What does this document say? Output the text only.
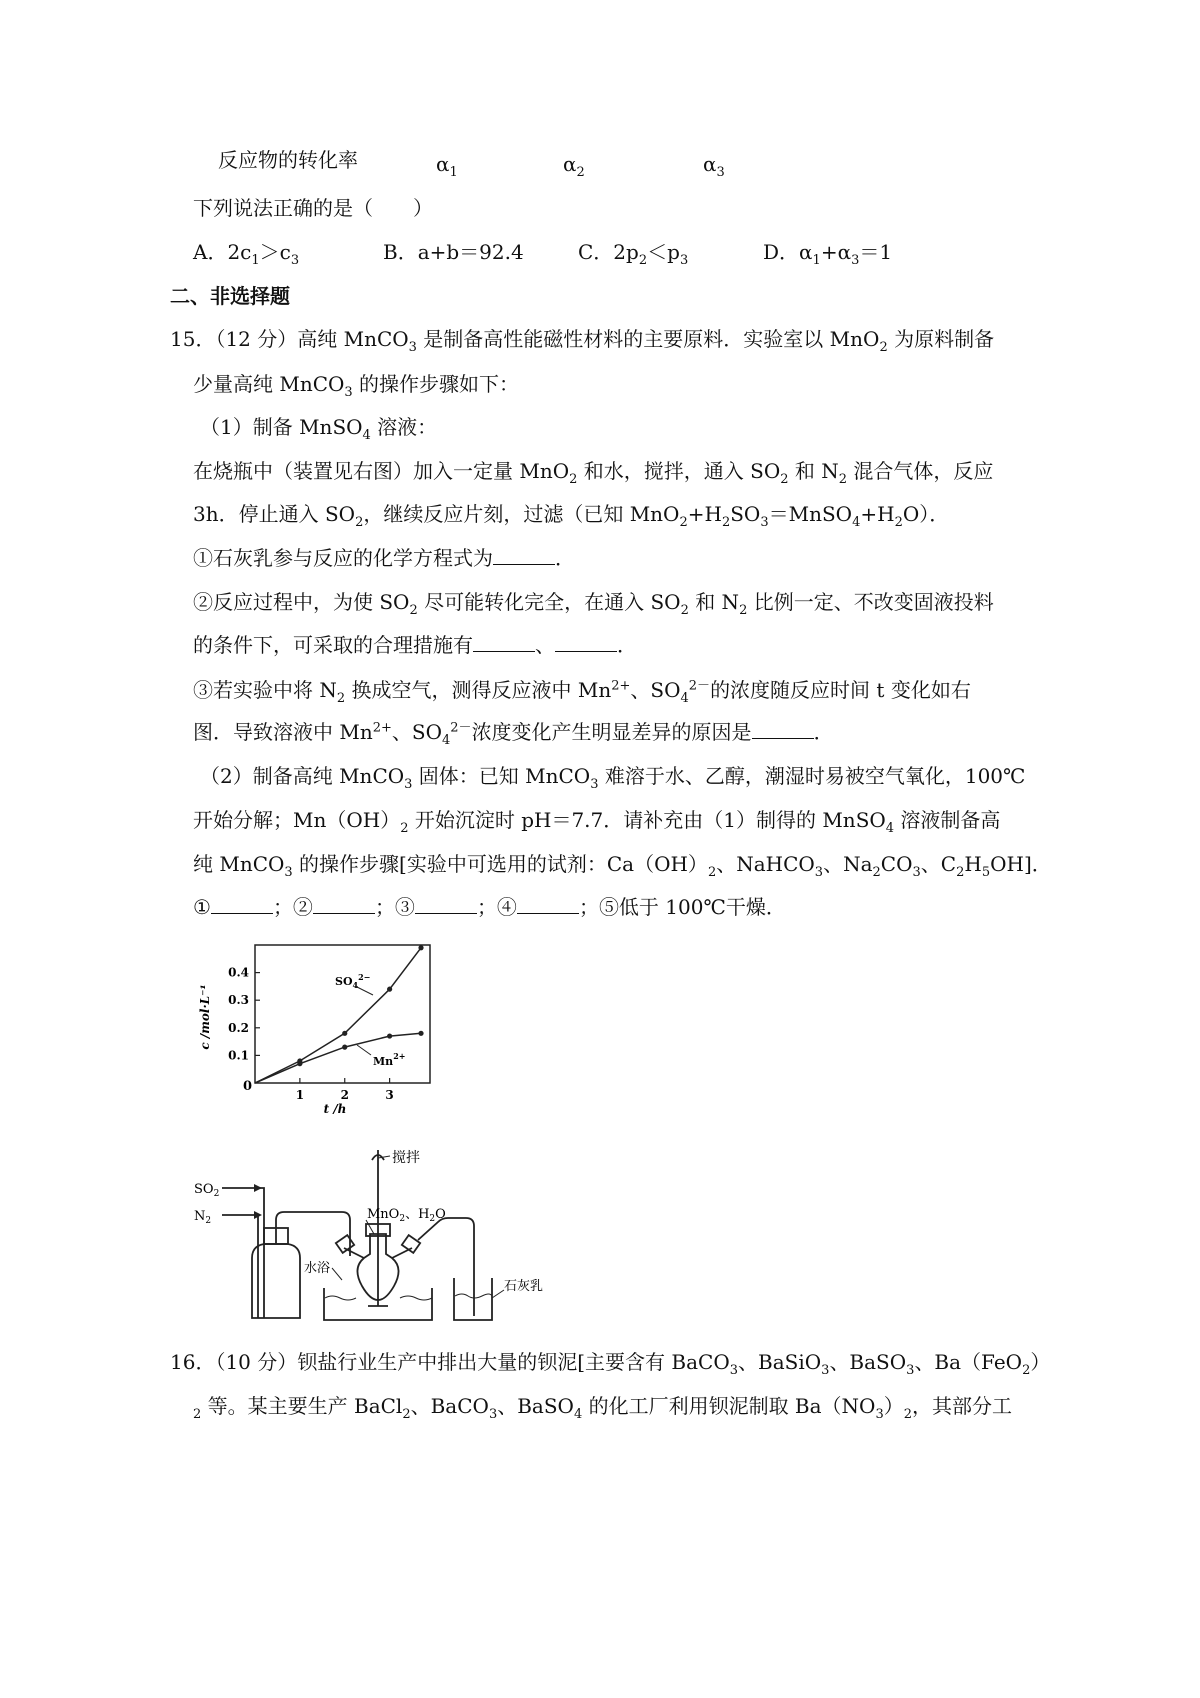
反应物的转化率	$\alpha_1$	$\alpha_2$	$\alpha_3$
下列说法正确的是（　　）
A．$2c_1>c_3$	B．a+b＝92.4	C．$2p_2<p_3$	D．$\alpha_1+\alpha_3=1$
二、非选择题
15．（12 分）高纯 MnCO$_3$ 是制备高性能磁性材料的主要原料．实验室以 MnO$_2$ 为原料制备
少量高纯 MnCO$_3$ 的操作步骤如下：
（1）制备 MnSO$_4$ 溶液：
在烧瓶中（装置见右图）加入一定量 MnO$_2$ 和水，搅拌，通入 $SO_2$ 和 $N_2$ 混合气体，反应
3h．停止通入 $SO_2$，继续反应片刻，过滤（已知 $MnO_2+H_2SO_3=MnSO_4+H_2O$）．
①石灰乳参与反应的化学方程式为	．
②反应过程中，为使 $SO_2$ 尽可能转化完全，在通入 $SO_2$ 和 $N_2$ 比例一定、不改变固液投料
的条件下，可采取的合理措施有	、	．
③若实验中将 $N_2$ 换成空气，测得反应液中 $Mn^{2+}$、$SO_4^{2-}$的浓度随反应时间 t 变化如右
图．导致溶液中 $Mn^{2+}$、$SO_4^{2-}$浓度变化产生明显差异的原因是	．
（2）制备高纯 MnCO$_3$ 固体：已知 MnCO$_3$ 难溶于水、乙醇，潮湿时易被空气氧化，100℃
开始分解；$Mn(OH)_2$ 开始沉淀时 pH＝7.7．请补充由（1）制得的 MnSO$_4$ 溶液制备高
纯 MnCO$_3$ 的操作步骤[实验中可选用的试剂：$Ca(OH)_2$、NaHCO$_3$、$Na_2CO_3$、$C_2H_5OH$]．
①	；②	；③	；④	；⑤低于 100℃干燥．
0.1
0.2
0.3
0.4
1	2	3
0
c /mol·L⁻¹
t /h
$SO_4^{2-}$
$Mn^{2+}$
搅拌
$SO_2$
$N_2$	MnO$_2$、$H_2O$
水浴
石灰乳
16．（10 分）钡盐行业生产中排出大量的钡泥[主要含有 BaCO$_3$、BaSiO$_3$、BaSO$_3$、Ba（FeO$_2$）
$_2$ 等。某主要生产 BaCl$_2$、BaCO$_3$、BaSO$_4$ 的化工厂利用钡泥制取 $Ba(NO_3)_2$，其部分工
